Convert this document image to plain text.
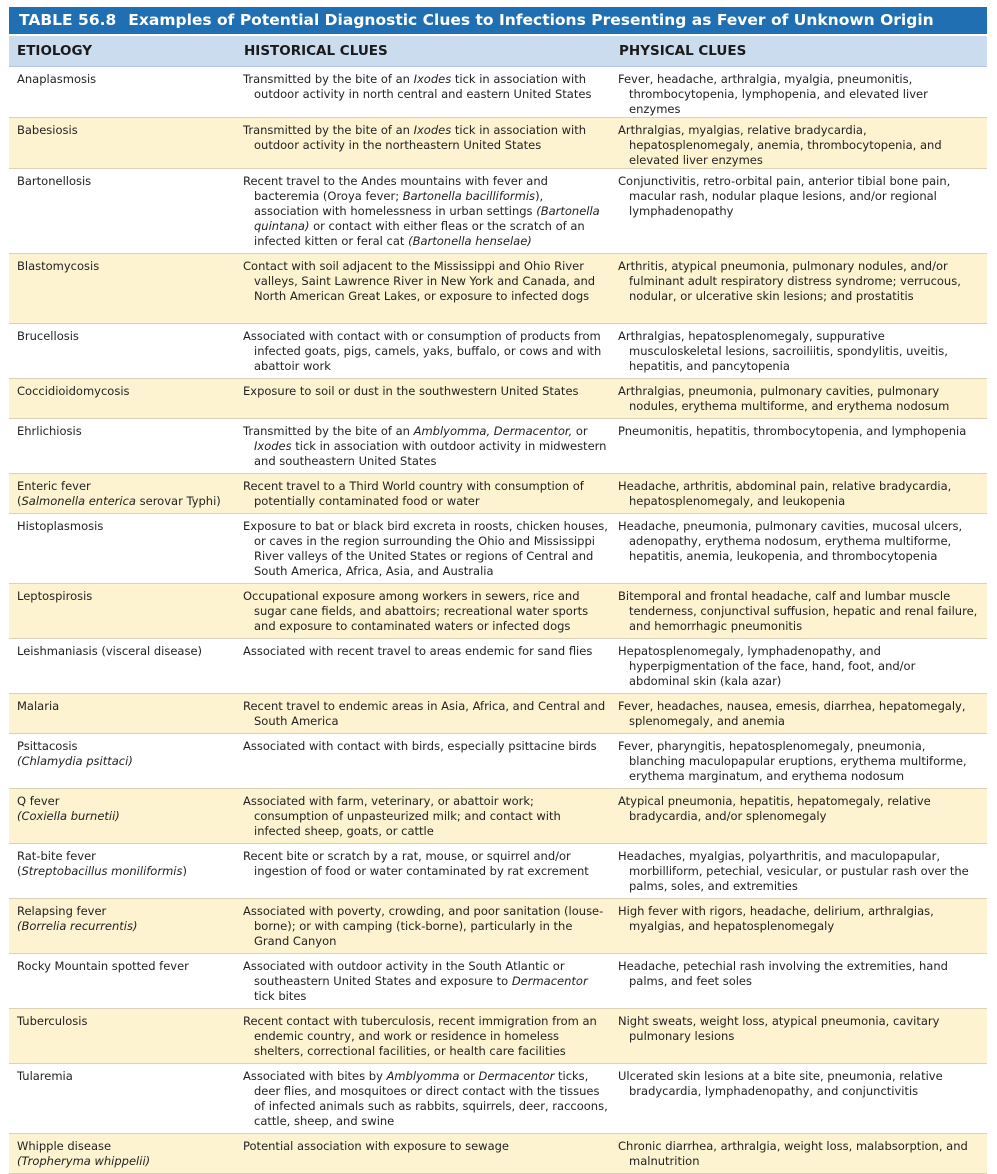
TABLE 56.8 Examples of Potential Diagnostic Clues to Infections Presenting as Fever of Unknown Origin
ETIOLOGY	HISTORICAL CLUES	PHYSICAL CLUES
Anaplasmosis	Transmitted by the bite of an Ixodes tick in association with outdoor activity in north central and eastern United States	Fever, headache, arthralgia, myalgia, pneumonitis, thrombocytopenia, lymphopenia, and elevated liver enzymes

Babesiosis	Transmitted by the bite of an Ixodes tick in association with outdoor activity in the northeastern United States	Arthralgias, myalgias, relative bradycardia, hepatosplenomegaly, anemia, thrombocytopenia, and elevated liver enzymes

Bartonellosis	Recent travel to the Andes mountains with fever and bacteremia (Oroya fever; Bartonella bacilliformis), association with homelessness in urban settings (Bartonella quintana) or contact with either fleas or the scratch of an infected kitten or feral cat (Bartonella henselae)	Conjunctivitis, retro-orbital pain, anterior tibial bone pain, macular rash, nodular plaque lesions, and/or regional lymphadenopathy

Blastomycosis	Contact with soil adjacent to the Mississippi and Ohio River valleys, Saint Lawrence River in New York and Canada, and North American Great Lakes, or exposure to infected dogs	Arthritis, atypical pneumonia, pulmonary nodules, and/or fulminant adult respiratory distress syndrome; verrucous, nodular, or ulcerative skin lesions; and prostatitis

Brucellosis	Associated with contact with or consumption of products from infected goats, pigs, camels, yaks, buffalo, or cows and with abattoir work	Arthralgias, hepatosplenomegaly, suppurative musculoskeletal lesions, sacroiliitis, spondylitis, uveitis, hepatitis, and pancytopenia

Coccidioidomycosis	Exposure to soil or dust in the southwestern United States	Arthralgias, pneumonia, pulmonary cavities, pulmonary nodules, erythema multiforme, and erythema nodosum

Ehrlichiosis	Transmitted by the bite of an Amblyomma, Dermacentor, or Ixodes tick in association with outdoor activity in midwestern and southeastern United States	Pneumonitis, hepatitis, thrombocytopenia, and lymphopenia

Enteric fever
(Salmonella enterica serovar Typhi)	Recent travel to a Third World country with consumption of potentially contaminated food or water	Headache, arthritis, abdominal pain, relative bradycardia, hepatosplenomegaly, and leukopenia

Histoplasmosis	Exposure to bat or black bird excreta in roosts, chicken houses, or caves in the region surrounding the Ohio and Mississippi River valleys of the United States or regions of Central and South America, Africa, Asia, and Australia	Headache, pneumonia, pulmonary cavities, mucosal ulcers, adenopathy, erythema nodosum, erythema multiforme, hepatitis, anemia, leukopenia, and thrombocytopenia

Leptospirosis	Occupational exposure among workers in sewers, rice and sugar cane fields, and abattoirs; recreational water sports and exposure to contaminated waters or infected dogs	Bitemporal and frontal headache, calf and lumbar muscle tenderness, conjunctival suffusion, hepatic and renal failure, and hemorrhagic pneumonitis

Leishmaniasis (visceral disease)	Associated with recent travel to areas endemic for sand flies	Hepatosplenomegaly, lymphadenopathy, and hyperpigmentation of the face, hand, foot, and/or abdominal skin (kala azar)

Malaria	Recent travel to endemic areas in Asia, Africa, and Central and South America	Fever, headaches, nausea, emesis, diarrhea, hepatomegaly, splenomegaly, and anemia

Psittacosis
(Chlamydia psittaci)	Associated with contact with birds, especially psittacine birds	Fever, pharyngitis, hepatosplenomegaly, pneumonia, blanching maculopapular eruptions, erythema multiforme, erythema marginatum, and erythema nodosum

Q fever
(Coxiella burnetii)	Associated with farm, veterinary, or abattoir work; consumption of unpasteurized milk; and contact with infected sheep, goats, or cattle	Atypical pneumonia, hepatitis, hepatomegaly, relative bradycardia, and/or splenomegaly

Rat-bite fever
(Streptobacillus moniliformis)	Recent bite or scratch by a rat, mouse, or squirrel and/or ingestion of food or water contaminated by rat excrement	Headaches, myalgias, polyarthritis, and maculopapular, morbilliform, petechial, vesicular, or pustular rash over the palms, soles, and extremities

Relapsing fever
(Borrelia recurrentis)	Associated with poverty, crowding, and poor sanitation (louse-borne); or with camping (tick-borne), particularly in the Grand Canyon	High fever with rigors, headache, delirium, arthralgias, myalgias, and hepatosplenomegaly

Rocky Mountain spotted fever	Associated with outdoor activity in the South Atlantic or southeastern United States and exposure to Dermacentor tick bites	Headache, petechial rash involving the extremities, hand palms, and feet soles

Tuberculosis	Recent contact with tuberculosis, recent immigration from an endemic country, and work or residence in homeless shelters, correctional facilities, or health care facilities	Night sweats, weight loss, atypical pneumonia, cavitary pulmonary lesions

Tularemia	Associated with bites by Amblyomma or Dermacentor ticks, deer flies, and mosquitoes or direct contact with the tissues of infected animals such as rabbits, squirrels, deer, raccoons, cattle, sheep, and swine	Ulcerated skin lesions at a bite site, pneumonia, relative bradycardia, lymphadenopathy, and conjunctivitis

Whipple disease
(Tropheryma whippelii)	Potential association with exposure to sewage	Chronic diarrhea, arthralgia, weight loss, malabsorption, and malnutrition
